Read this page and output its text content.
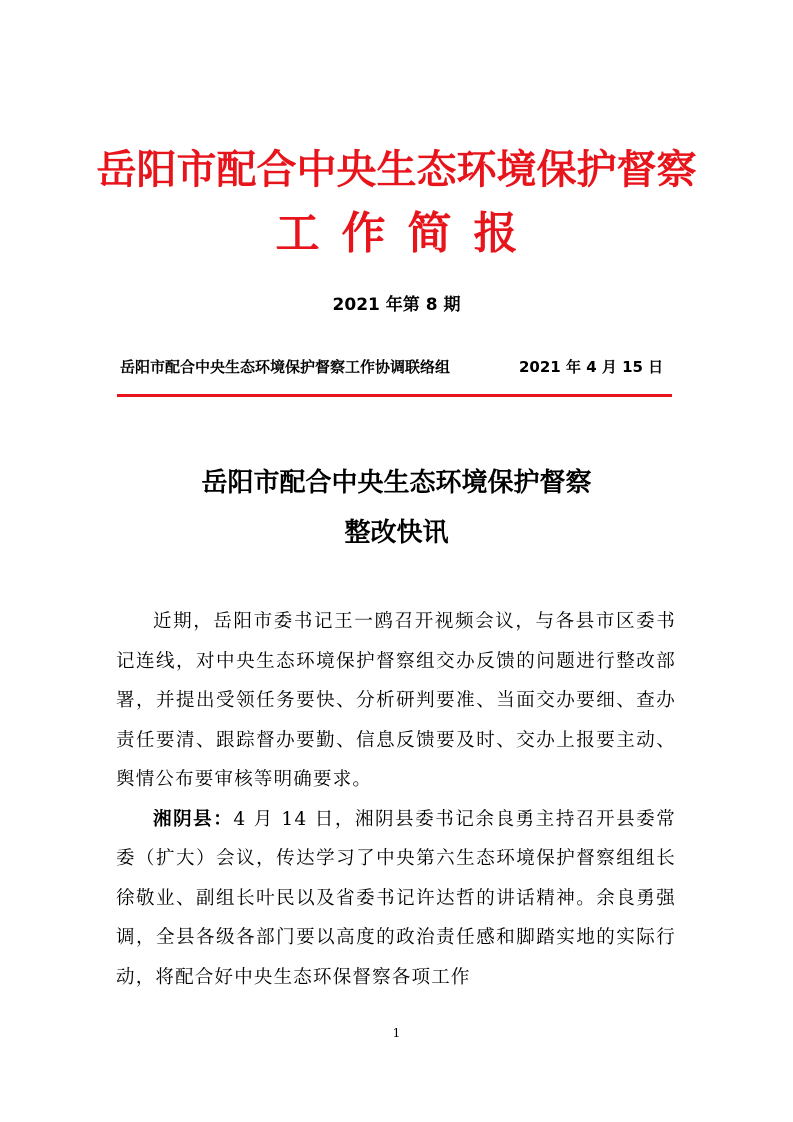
岳阳市配合中央生态环境保护督察
工作简报
2021 年第 8 期
岳阳市配合中央生态环境保护督察工作协调联络组	2021 年 4 月 15 日
岳阳市配合中央生态环境保护督察
整改快讯

近期，岳阳市委书记王一鸥召开视频会议，与各县市区委书记连线，对中央生态环境保护督察组交办反馈的问题进行整改部署，并提出受领任务要快、分析研判要准、当面交办要细、查办责任要清、跟踪督办要勤、信息反馈要及时、交办上报要主动、舆情公布要审核等明确要求。

湘阴县：4 月 14 日，湘阴县委书记余良勇主持召开县委常委（扩大）会议，传达学习了中央第六生态环境保护督察组组长徐敬业、副组长叶民以及省委书记许达哲的讲话精神。余良勇强调，全县各级各部门要以高度的政治责任感和脚踏实地的实际行动，将配合好中央生态环保督察各项工作

1
